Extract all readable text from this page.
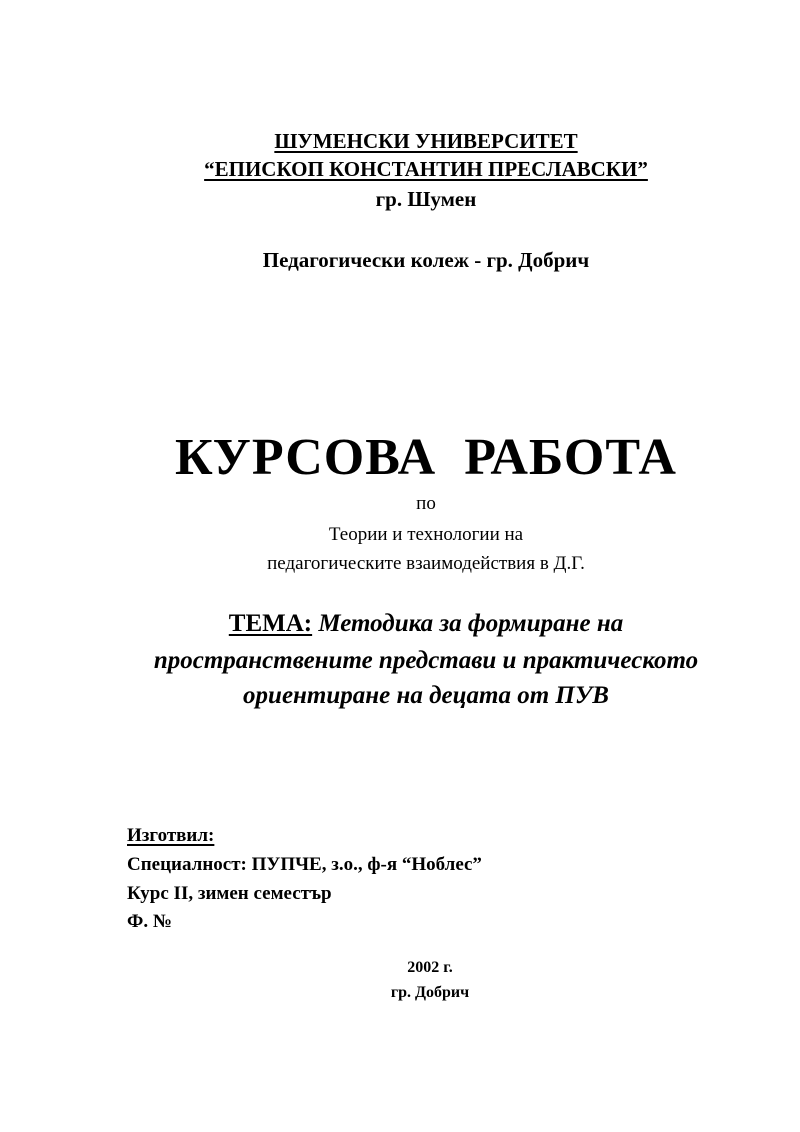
ШУМЕНСКИ УНИВЕРСИТЕТ
“ЕПИСКОП КОНСТАНТИН ПРЕСЛАВСКИ”
гр. Шумен
Педагогически колеж - гр. Добрич
КУРСОВА РАБОТА
по
Теории и технологии на
педагогическите взаимодействия в Д.Г.
ТЕМА: Методика за формиране на
пространствените представи и практическото
ориентиране на децата от ПУВ
Изготвил:
Специалност: ПУПЧЕ, з.о., ф-я “Ноблес”
Курс II, зимен семестър
Ф. №
2002 г.
гр. Добрич
